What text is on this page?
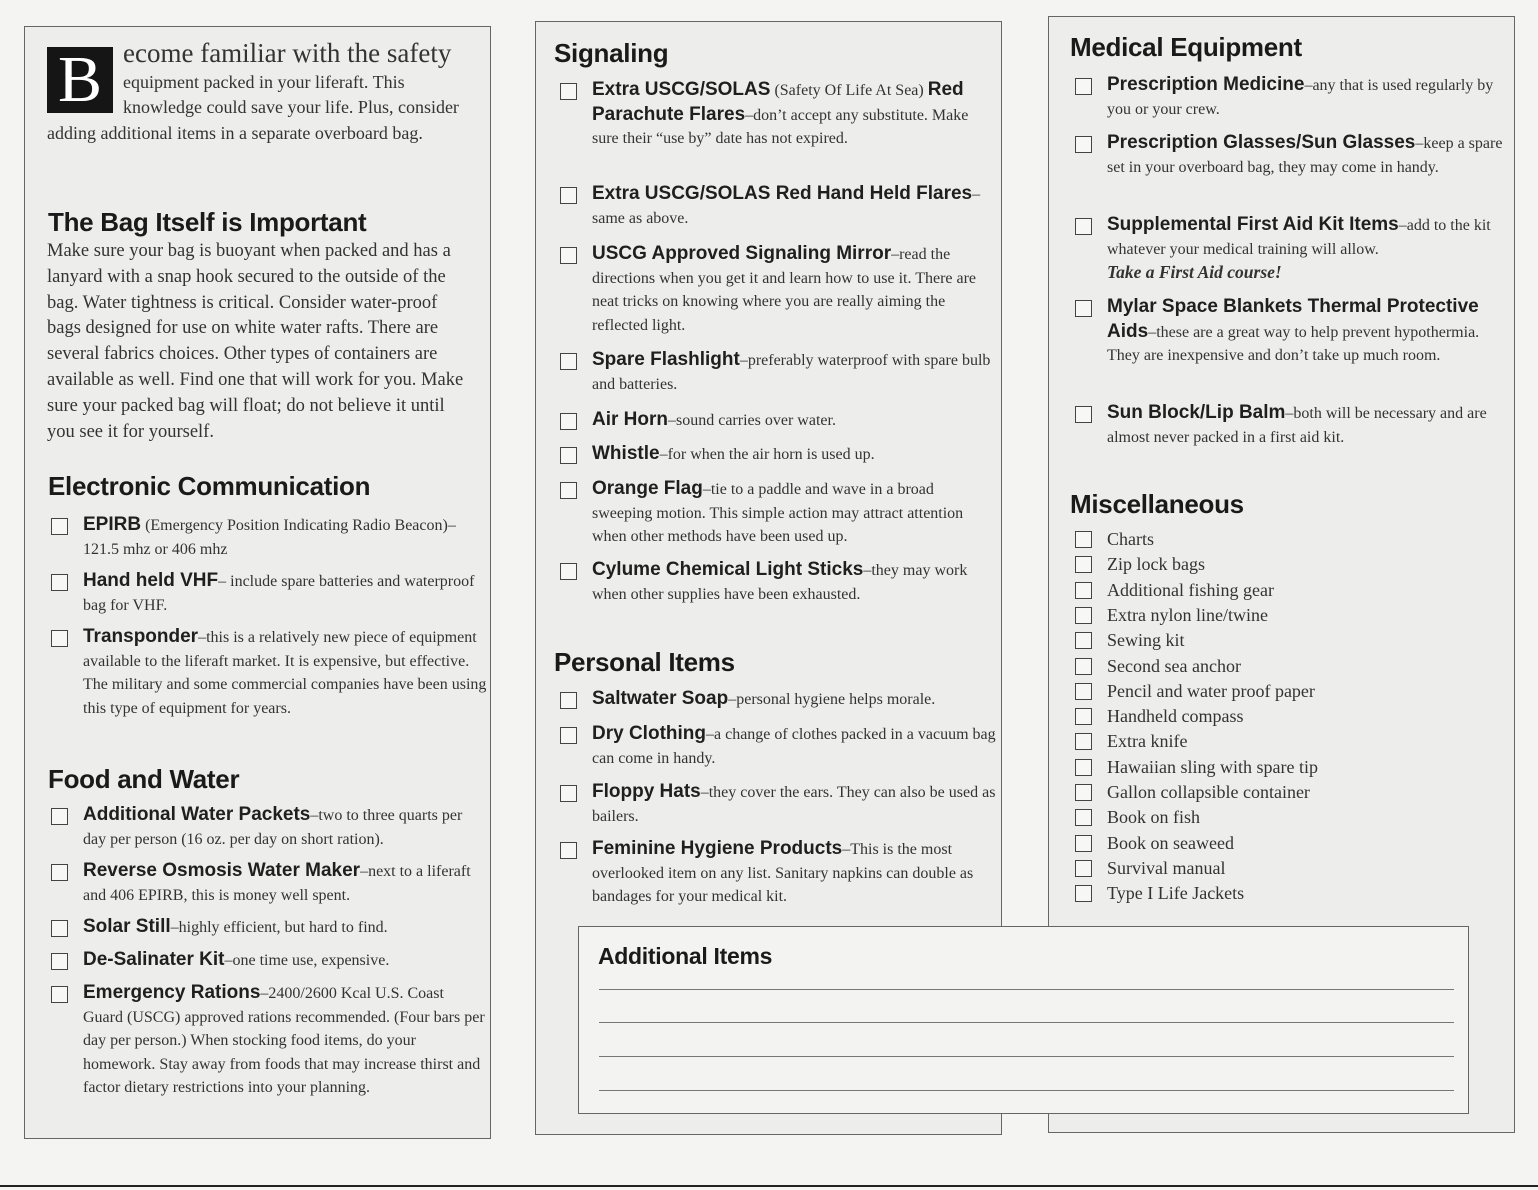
B ecome familiar with the safety equipment packed in your liferaft. This knowledge could save your life. Plus, consider adding additional items in a separate overboard bag.
The Bag Itself is Important
Make sure your bag is buoyant when packed and has a lanyard with a snap hook secured to the outside of the bag. Water tightness is critical. Consider water-proof bags designed for use on white water rafts. There are several fabrics choices. Other types of containers are available as well. Find one that will work for you. Make sure your packed bag will float; do not believe it until you see it for yourself.
Electronic Communication
EPIRB (Emergency Position Indicating Radio Beacon)–121.5 mhz or 406 mhz
Hand held VHF– include spare batteries and waterproof bag for VHF.
Transponder–this is a relatively new piece of equipment available to the liferaft market. It is expensive, but effective. The military and some commercial companies have been using this type of equipment for years.
Food and Water
Additional Water Packets–two to three quarts per day per person (16 oz. per day on short ration).
Reverse Osmosis Water Maker–next to a liferaft and 406 EPIRB, this is money well spent.
Solar Still–highly efficient, but hard to find.
De-Salinater Kit–one time use, expensive.
Emergency Rations–2400/2600 Kcal U.S. Coast Guard (USCG) approved rations recommended. (Four bars per day per person.) When stocking food items, do your homework. Stay away from foods that may increase thirst and factor dietary restrictions into your planning.
Signaling
Extra USCG/SOLAS (Safety Of Life At Sea) Red Parachute Flares–don’t accept any substitute. Make sure their “use by” date has not expired.
Extra USCG/SOLAS Red Hand Held Flares–same as above.
USCG Approved Signaling Mirror–read the directions when you get it and learn how to use it. There are neat tricks on knowing where you are really aiming the reflected light.
Spare Flashlight–preferably waterproof with spare bulb and batteries.
Air Horn–sound carries over water.
Whistle–for when the air horn is used up.
Orange Flag–tie to a paddle and wave in a broad sweeping motion. This simple action may attract attention when other methods have been used up.
Cylume Chemical Light Sticks–they may work when other supplies have been exhausted.
Personal Items
Saltwater Soap–personal hygiene helps morale.
Dry Clothing–a change of clothes packed in a vacuum bag can come in handy.
Floppy Hats–they cover the ears. They can also be used as bailers.
Feminine Hygiene Products–This is the most overlooked item on any list. Sanitary napkins can double as bandages for your medical kit.
Medical Equipment
Prescription Medicine–any that is used regularly by you or your crew.
Prescription Glasses/Sun Glasses–keep a spare set in your overboard bag, they may come in handy.
Supplemental First Aid Kit Items–add to the kit whatever your medical training will allow.
Take a First Aid course!
Mylar Space Blankets Thermal Protective Aids–these are a great way to help prevent hypothermia. They are inexpensive and don’t take up much room.
Sun Block/Lip Balm–both will be necessary and are almost never packed in a first aid kit.
Miscellaneous
Charts
Zip lock bags
Additional fishing gear
Extra nylon line/twine
Sewing kit
Second sea anchor
Pencil and water proof paper
Handheld compass
Extra knife
Hawaiian sling with spare tip
Gallon collapsible container
Book on fish
Book on seaweed
Survival manual
Type I Life Jackets
Additional Items
